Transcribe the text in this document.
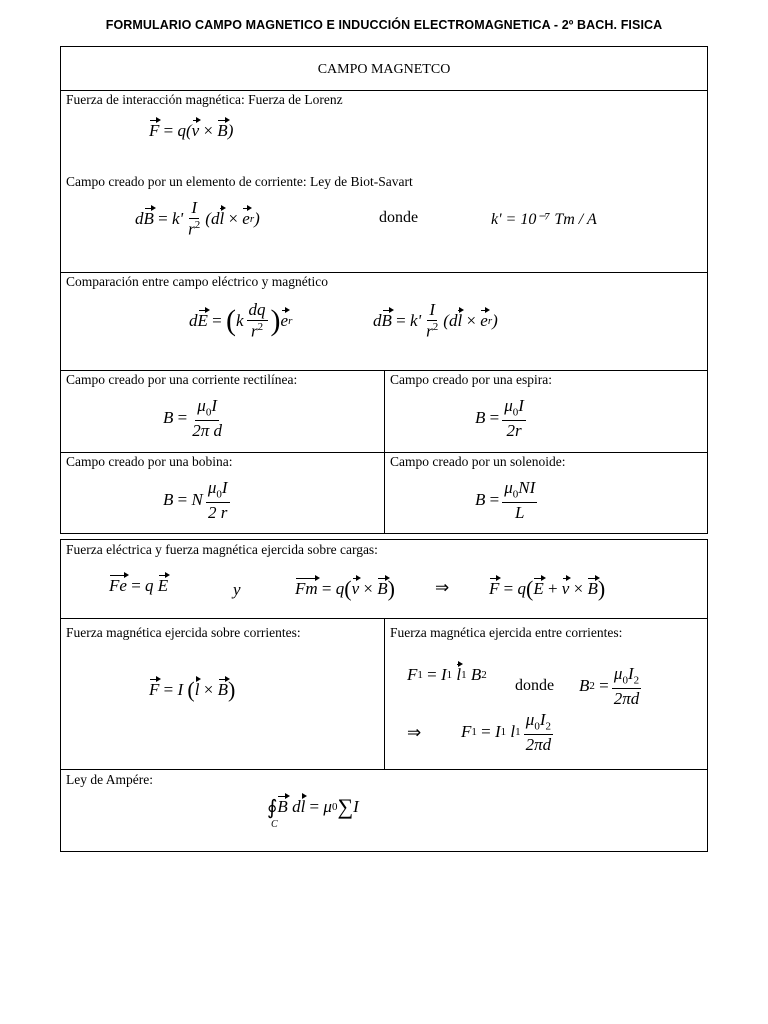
FORMULARIO CAMPO MAGNETICO E INDUCCIÓN ELECTROMAGNETICA - 2º BACH. FISICA
CAMPO MAGNETCO
Fuerza de interacción magnética: Fuerza de Lorenz
F
= q( v
×
B )
Campo creado por un elemento de corriente: Ley de Biot-Savart
d B
= $k' \frac{I}{r^2} (d$ l
×
e r )	donde	k' = 10⁻⁷ Tm / A
Comparación entre campo eléctrico y magnético
d E
=
( k $\frac{dq}{r^2}$ ) e r	d B
= $k' \frac{I}{r^2} (d$ l
×
e r )
Campo creado por una corriente rectilínea:
$B = \frac{\mu_0I}{\text{2π d}}$
Campo creado por una espira:
$B = \frac{\mu_0I}{2r}$
Campo creado por una bobina:
B = N $\frac{\mu_0I}{2 r}$
Campo creado por un solenoide:
$B = \frac{\mu_0NI}{L}$
Fuerza eléctrica y fuerza magnética ejercida sobre cargas:
Fe
= q E	y	Fm
= q ( v
×
B ) ⇒ F
= q ( E
+
v
×
B )
Fuerza magnética ejercida sobre corrientes:
F
= I ( l
×
B )
Fuerza magnética ejercida entre corrientes:
F 1
= I 1
l 1 B 2
donde B 2
= $\frac{\mu_0I_2}{2\pi d}$
⇒ F 1
= I 1 l $1 \frac{\mu_0I_2}{2\pi d}$
Ley de Ampére:
∮
C
B d l
= μ 0 ∑ I
